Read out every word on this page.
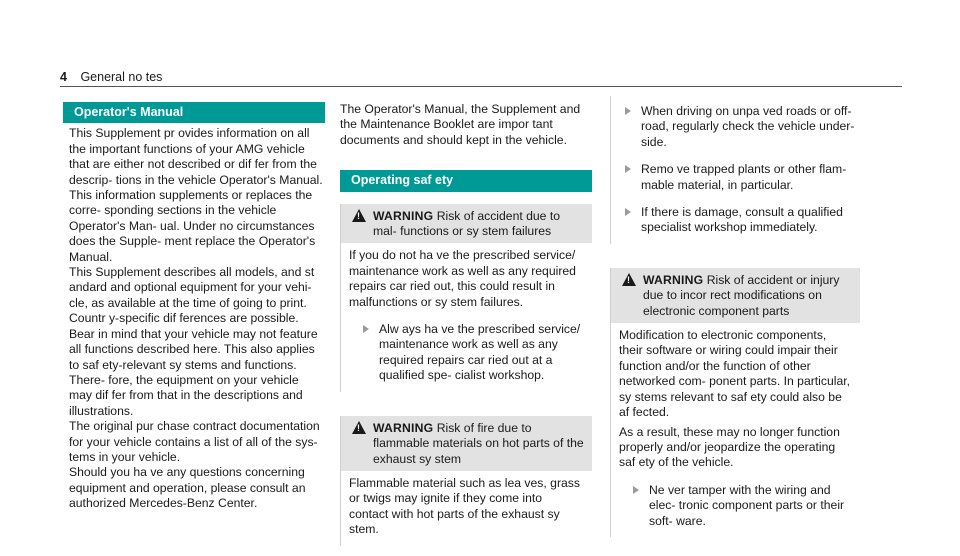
4 General no tes
Operator's Manual

This Supplement pr ovides information on all the important functions of your AMG vehicle that are either not described or dif fer from the descrip‐ tions in the vehicle Operator's Manual. This information supplements or replaces the corre‐ sponding sections in the vehicle Operator's Man‐ ual. Under no circumstances does the Supple‐ ment replace the Operator's Manual.

This Supplement describes all models, and st andard and optional equipment for your vehi‐ cle, as available at the time of going to print. Countr y-specific dif ferences are possible. Bear in mind that your vehicle may not feature all functions described here. This also applies to saf ety-relevant sy stems and functions. There‐ fore, the equipment on your vehicle may dif fer from that in the descriptions and illustrations.

The original pur chase contract documentation for your vehicle contains a list of all of the sys‐ tems in your vehicle.

Should you ha ve any questions concerning equipment and operation, please consult an authorized Mercedes-Benz Center.

The Operator's Manual, the Supplement and the Maintenance Booklet are impor tant documents and should kept in the vehicle.

Operating saf ety
!
WARNING Risk of accident due to mal‐ functions or sy stem failures
If you do not ha ve the prescribed service/ maintenance work as well as any required repairs car ried out, this could result in malfunctions or sy stem failures.
Alw ays ha ve the prescribed service/ maintenance work as well as any required repairs car ried out at a qualified spe‐ cialist workshop.
!
WARNING Risk of fire due to flammable materials on hot parts of the exhaust sy stem
Flammable material such as lea ves, grass or twigs may ignite if they come into contact with hot parts of the exhaust sy stem.
When driving on unpa ved roads or off- road, regularly check the vehicle under‐ side.
Remo ve trapped plants or other flam‐ mable material, in particular.
If there is damage, consult a qualified specialist workshop immediately.
!
WARNING Risk of accident or injury due to incor rect modifications on electronic component parts
Modification to electronic components, their software or wiring could impair their function and/or the function of other networked com‐ ponent parts. In particular, sy stems relevant to saf ety could also be af fected.
As a result, these may no longer function properly and/or jeopardize the operating saf ety of the vehicle.
Ne ver tamper with the wiring and elec‐ tronic component parts or their soft‐ ware.
